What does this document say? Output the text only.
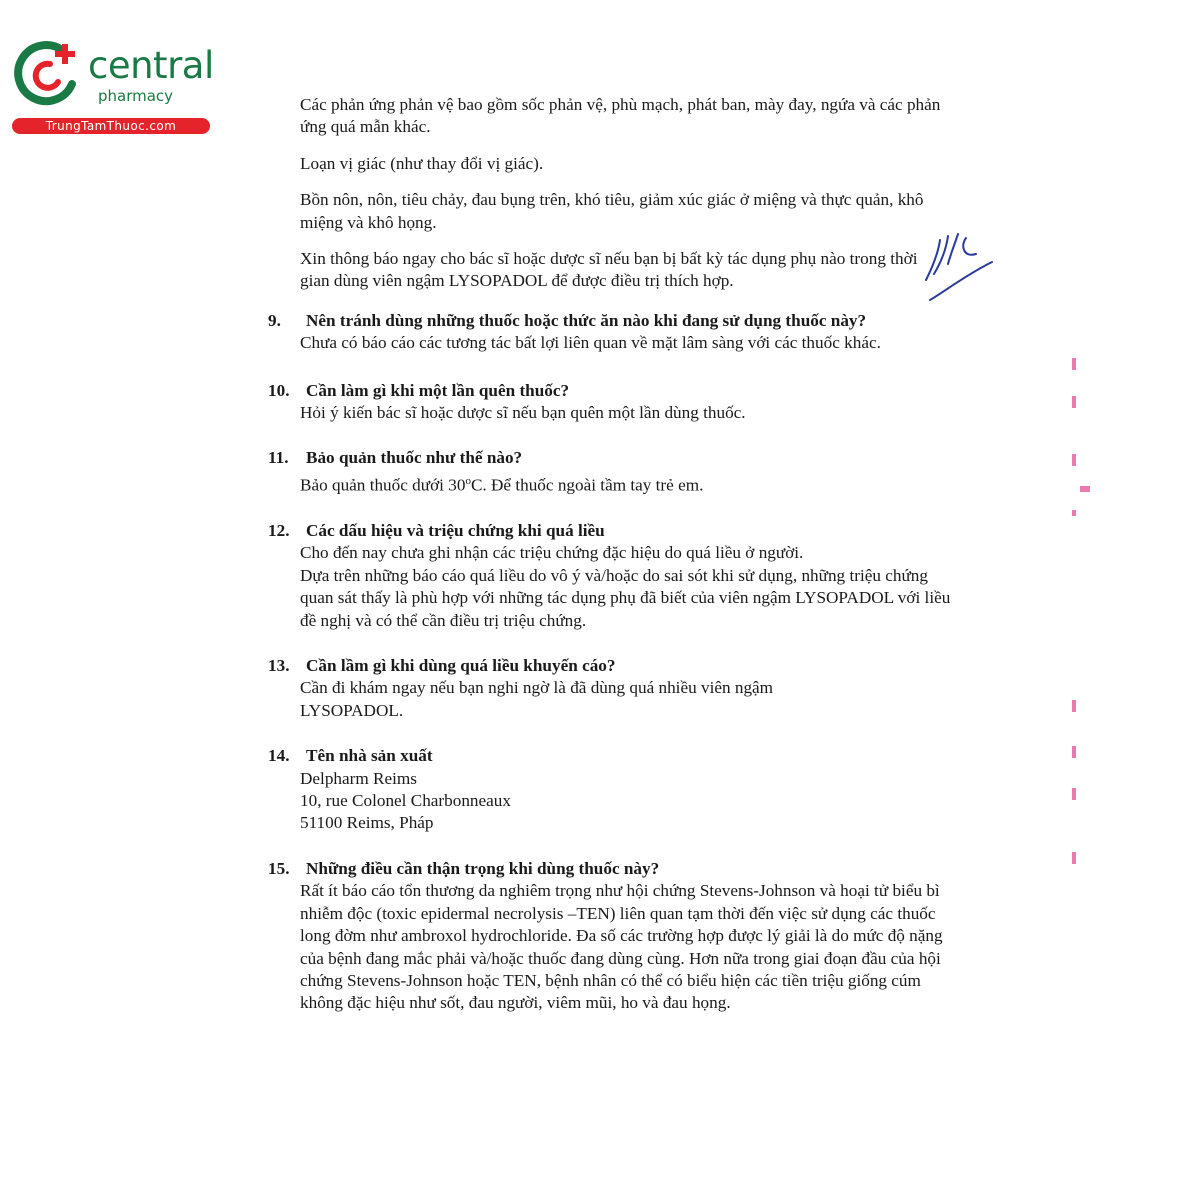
central
pharmacy
TrungTamThuoc.com

Các phản ứng phản vệ bao gồm sốc phản vệ, phù mạch, phát ban, mày đay, ngứa và các phản ứng quá mẫn khác.

Loạn vị giác (như thay đổi vị giác).

Bồn nôn, nôn, tiêu chảy, đau bụng trên, khó tiêu, giảm xúc giác ở miệng và thực quản, khô miệng và khô họng.

Xin thông báo ngay cho bác sĩ hoặc dược sĩ nếu bạn bị bất kỳ tác dụng phụ nào trong thời gian dùng viên ngậm LYSOPADOL để được điều trị thích hợp.

9. Nên tránh dùng những thuốc hoặc thức ăn nào khi đang sử dụng thuốc này?
Chưa có báo cáo các tương tác bất lợi liên quan về mặt lâm sàng với các thuốc khác.
10. Cần làm gì khi một lần quên thuốc?
Hỏi ý kiến bác sĩ hoặc dược sĩ nếu bạn quên một lần dùng thuốc.
11. Bảo quản thuốc như thế nào?
Bảo quản thuốc dưới 30$^o$C. Để thuốc ngoài tầm tay trẻ em.
12. Các dấu hiệu và triệu chứng khi quá liều
Cho đến nay chưa ghi nhận các triệu chứng đặc hiệu do quá liều ở người.
Dựa trên những báo cáo quá liều do vô ý và/hoặc do sai sót khi sử dụng, những triệu chứng quan sát thấy là phù hợp với những tác dụng phụ đã biết của viên ngậm LYSOPADOL với liều đề nghị và có thể cần điều trị triệu chứng.
13. Cần lầm gì khi dùng quá liều khuyến cáo?
Cần đi khám ngay nếu bạn nghi ngờ là đã dùng quá nhiều viên ngậm LYSOPADOL.
14. Tên nhà sản xuất
Delpharm Reims
10, rue Colonel Charbonneaux
51100 Reims, Pháp
15. Những điều cần thận trọng khi dùng thuốc này?
Rất ít báo cáo tổn thương da nghiêm trọng như hội chứng Stevens-Johnson và hoại tử biểu bì nhiễm độc (toxic epidermal necrolysis –TEN) liên quan tạm thời đến việc sử dụng các thuốc long đờm như ambroxol hydrochloride. Đa số các trường hợp được lý giải là do mức độ nặng của bệnh đang mắc phải và/hoặc thuốc đang dùng cùng. Hơn nữa trong giai đoạn đầu của hội chứng Stevens-Johnson hoặc TEN, bệnh nhân có thể có biểu hiện các tiền triệu giống cúm không đặc hiệu như sốt, đau người, viêm mũi, ho và đau họng.
